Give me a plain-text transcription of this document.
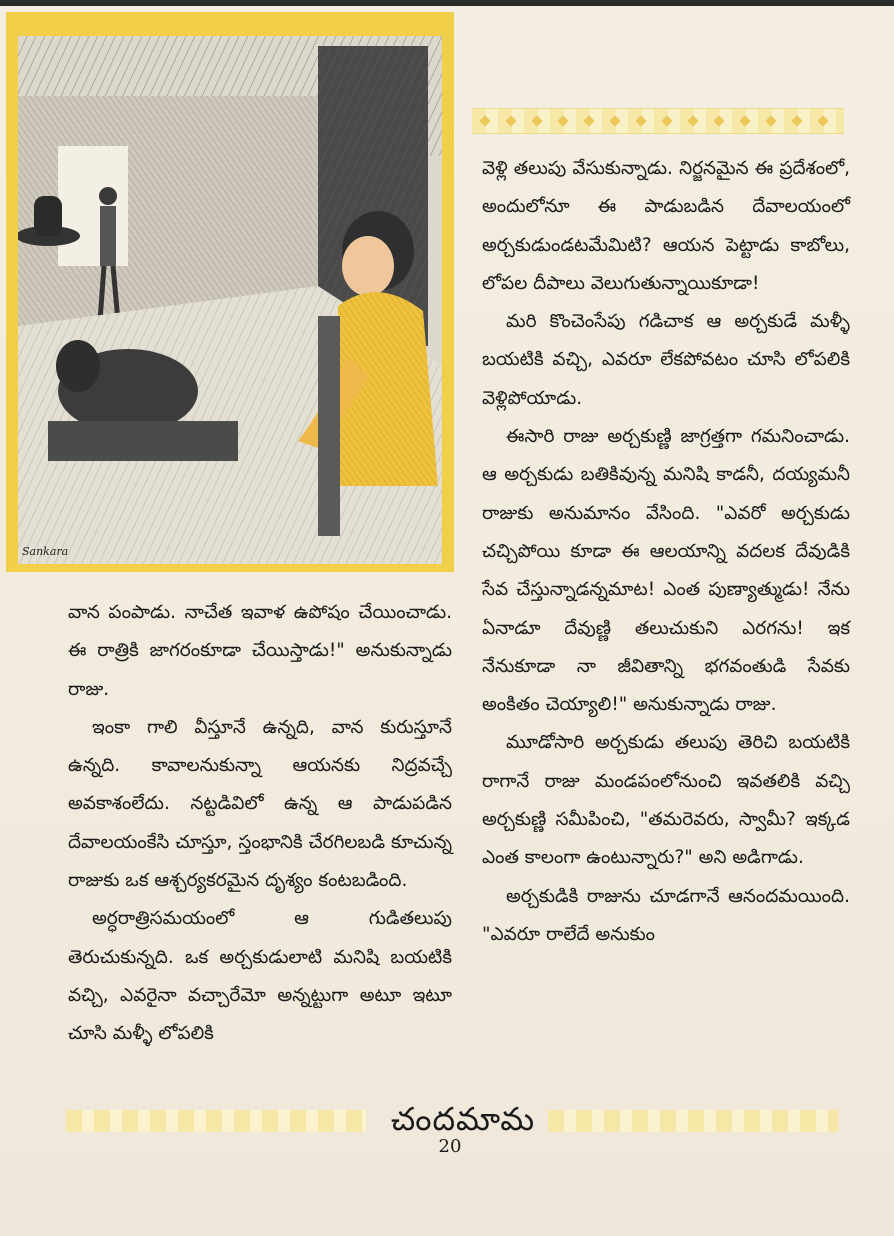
Sankara

వాన పంపాడు. నాచేత ఇవాళ ఉపోషం చేయించాడు. ఈ రాత్రికి జాగరంకూడా చేయిస్తాడు!" అనుకున్నాడు రాజు.

ఇంకా గాలి వీస్తూనే ఉన్నది, వాన కురుస్తూనే ఉన్నది. కావాలనుకున్నా ఆయనకు నిద్రవచ్చే అవకాశంలేదు. నట్టడివిలో ఉన్న ఆ పాడుపడిన దేవాలయంకేసి చూస్తూ, స్తంభానికి చేరగిలబడి కూచున్న రాజుకు ఒక ఆశ్చర్యకరమైన దృశ్యం కంటబడింది.

అర్ధరాత్రిసమయంలో ఆ గుడితలుపు తెరుచుకున్నది. ఒక అర్చకుడులాటి మనిషి బయటికి వచ్చి, ఎవరైనా వచ్చారేమో అన్నట్టుగా అటూ ఇటూ చూసి మళ్ళీ లోపలికి

వెళ్లి తలుపు వేసుకున్నాడు. నిర్జనమైన ఈ ప్రదేశంలో, అందులోనూ ఈ పాడుబడిన దేవాలయంలో అర్చకుడుండటమేమిటి? ఆయన పెట్టాడు కాబోలు, లోపల దీపాలు వెలుగుతున్నాయికూడా!

మరి కొంచెంసేపు గడిచాక ఆ అర్చకుడే మళ్ళీ బయటికి వచ్చి, ఎవరూ లేకపోవటం చూసి లోపలికి వెళ్లిపోయాడు.

ఈసారి రాజు అర్చకుణ్ణి జాగ్రత్తగా గమనించాడు. ఆ అర్చకుడు బతికివున్న మనిషి కాడనీ, దయ్యమనీ రాజుకు అనుమానం వేసింది. "ఎవరో అర్చకుడు చచ్చిపోయి కూడా ఈ ఆలయాన్ని వదలక దేవుడికి సేవ చేస్తున్నాడన్నమాట! ఎంత పుణ్యాత్ముడు! నేను ఏనాడూ దేవుణ్ణి తలుచుకుని ఎరగను! ఇక నేనుకూడా నా జీవితాన్ని భగవంతుడి సేవకు అంకితం చెయ్యాలి!" అనుకున్నాడు రాజు.

మూడోసారి అర్చకుడు తలుపు తెరిచి బయటికి రాగానే రాజు మండపంలోనుంచి ఇవతలికి వచ్చి అర్చకుణ్ణి సమీపించి, "తమరెవరు, స్వామీ? ఇక్కడ ఎంత కాలంగా ఉంటున్నారు?" అని అడిగాడు.

అర్చకుడికి రాజును చూడగానే ఆనందమయింది. "ఎవరూ రాలేదే అనుకుం

చందమామ
20
